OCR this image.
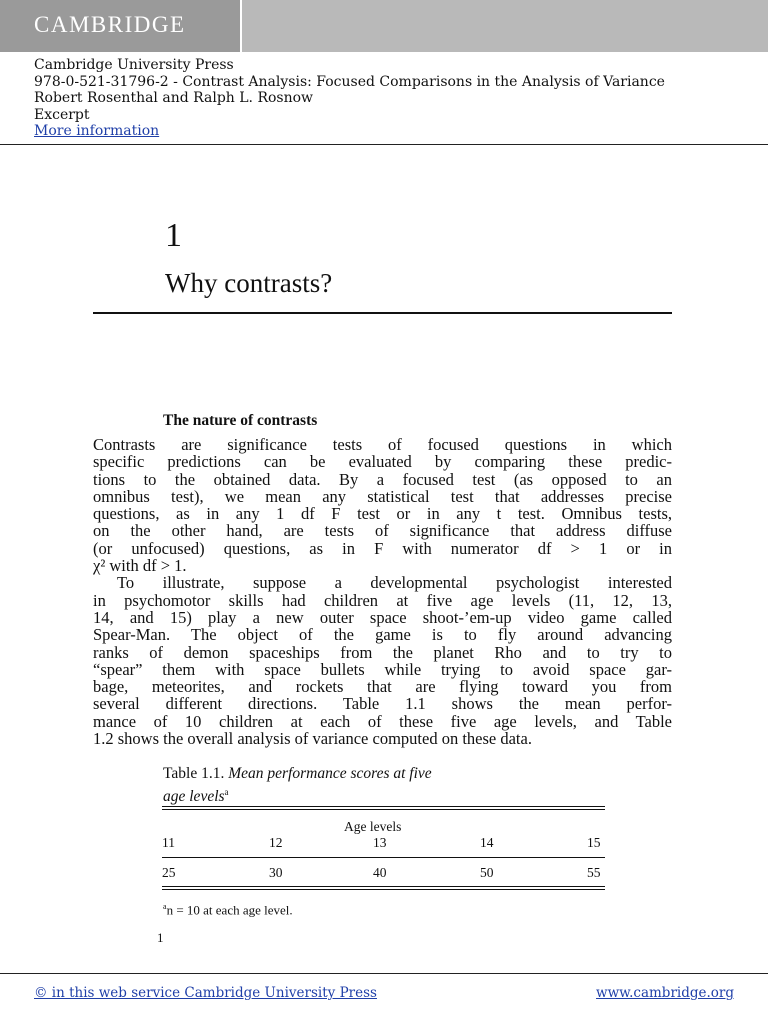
CAMBRIDGE
Cambridge University Press
978-0-521-31796-2 - Contrast Analysis: Focused Comparisons in the Analysis of Variance
Robert Rosenthal and Ralph L. Rosnow
Excerpt
More information
1
Why contrasts?
The nature of contrasts
Contrasts are significance tests of focused questions in which
specific predictions can be evaluated by comparing these predic-
tions to the obtained data. By a focused test (as opposed to an
omnibus test), we mean any statistical test that addresses precise
questions, as in any 1 df F test or in any t test. Omnibus tests,
on the other hand, are tests of significance that address diffuse
(or unfocused) questions, as in F with numerator df > 1 or in
χ² with df > 1.
To illustrate, suppose a developmental psychologist interested
in psychomotor skills had children at five age levels (11, 12, 13,
14, and 15) play a new outer space shoot-’em-up video game called
Spear-Man. The object of the game is to fly around advancing
ranks of demon spaceships from the planet Rho and to try to
“spear” them with space bullets while trying to avoid space gar-
bage, meteorites, and rockets that are flying toward you from
several different directions. Table 1.1 shows the mean perfor-
mance of 10 children at each of these five age levels, and Table
1.2 shows the overall analysis of variance computed on these data.
Table 1.1. Mean performance scores at five
age levels$^a$
Age levels
11	12	13	14	15
25	30	40	50	55
$^a$n = 10 at each age level.
1
© in this web service Cambridge University Press	www.cambridge.org
